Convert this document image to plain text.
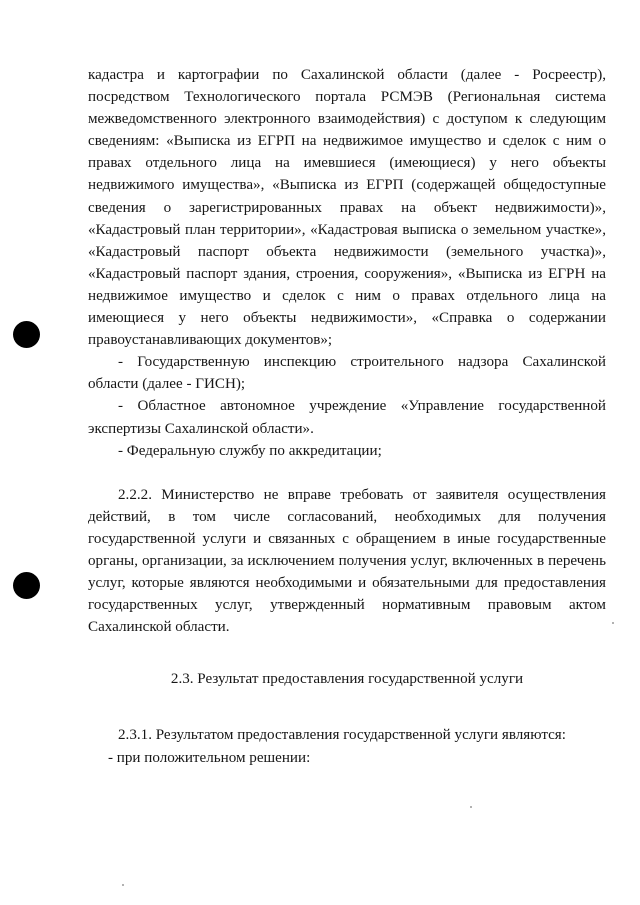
кадастра и картографии по Сахалинской области (далее - Росреестр), посредством Технологического портала РСМЭВ (Региональная система межведомственного электронного взаимодействия) с доступом к следующим сведениям: «Выписка из ЕГРП на недвижимое имущество и сделок с ним о правах отдельного лица на имевшиеся (имеющиеся) у него объекты недвижимого имущества», «Выписка из ЕГРП (содержащей общедоступные сведения о зарегистрированных правах на объект недвижимости)», «Кадастровый план территории», «Кадастровая выписка о земельном участке», «Кадастровый паспорт объекта недвижимости (земельного участка)», «Кадастровый паспорт здания, строения, сооружения», «Выписка из ЕГРН на недвижимое имущество и сделок с ним о правах отдельного лица на имеющиеся у него объекты недвижимости», «Справка о содержании правоустанавливающих документов»;

- Государственную инспекцию строительного надзора Сахалинской области (далее - ГИСН);

- Областное автономное учреждение «Управление государственной экспертизы Сахалинской области».

- Федеральную службу по аккредитации;

2.2.2. Министерство не вправе требовать от заявителя осуществления действий, в том числе согласований, необходимых для получения государственной услуги и связанных с обращением в иные государственные органы, организации, за исключением получения услуг, включенных в перечень услуг, которые являются необходимыми и обязательными для предоставления государственных услуг, утвержденный нормативным правовым актом Сахалинской области.

2.3. Результат предоставления государственной услуги

2.3.1. Результатом предоставления государственной услуги являются:

- при положительном решении:
